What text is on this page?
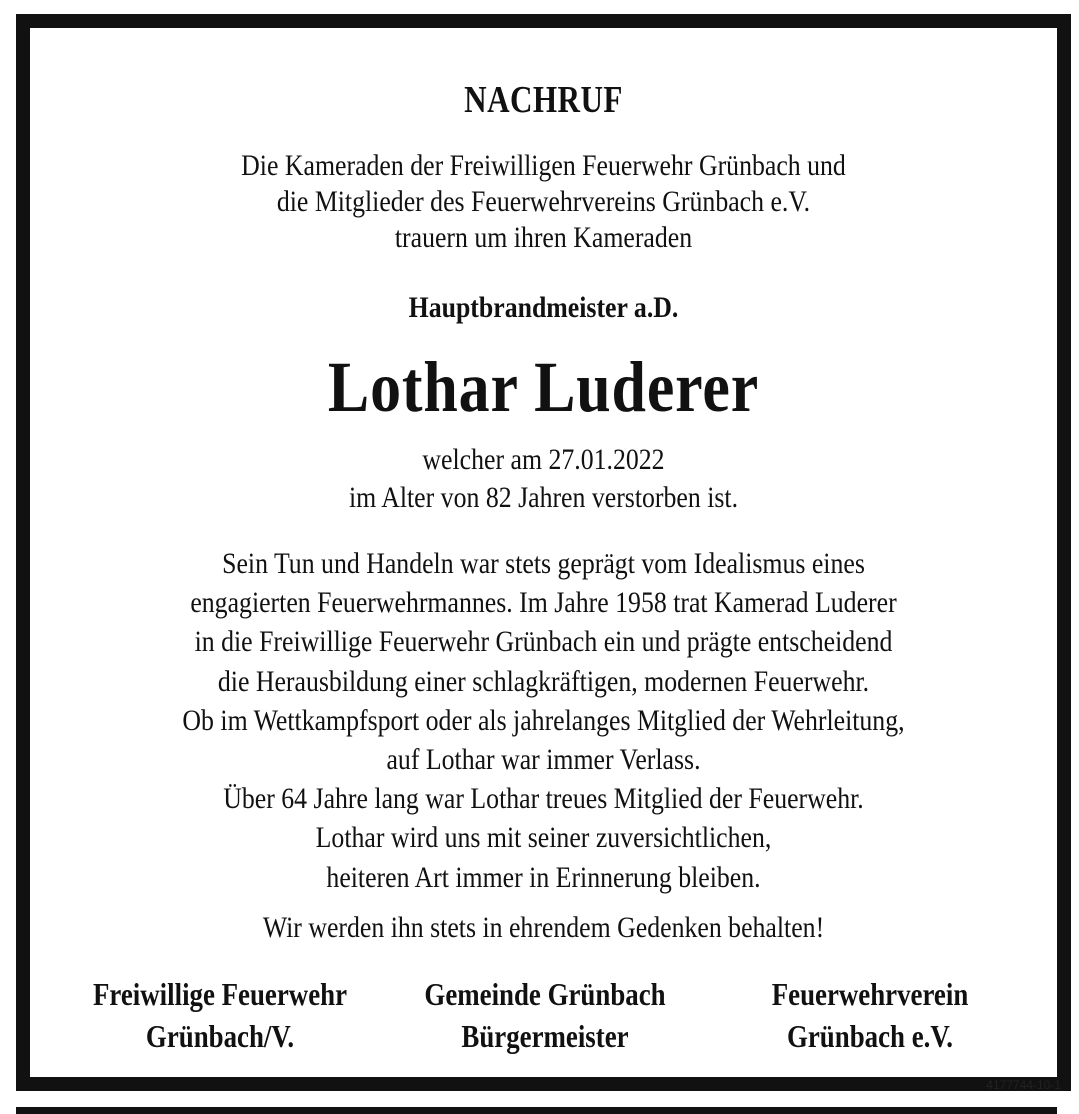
NACHRUF
Die Kameraden der Freiwilligen Feuerwehr Grünbach und
die Mitglieder des Feuerwehrvereins Grünbach e.V.
trauern um ihren Kameraden
Hauptbrandmeister a.D.
Lothar Luderer
welcher am 27.01.2022
im Alter von 82 Jahren verstorben ist.
Sein Tun und Handeln war stets geprägt vom Idealismus eines
engagierten Feuerwehrmannes. Im Jahre 1958 trat Kamerad Luderer
in die Freiwillige Feuerwehr Grünbach ein und prägte entscheidend
die Herausbildung einer schlagkräftigen, modernen Feuerwehr.
Ob im Wettkampfsport oder als jahrelanges Mitglied der Wehrleitung,
auf Lothar war immer Verlass.
Über 64 Jahre lang war Lothar treues Mitglied der Feuerwehr.
Lothar wird uns mit seiner zuversichtlichen,
heiteren Art immer in Erinnerung bleiben.
Wir werden ihn stets in ehrendem Gedenken behalten!
Freiwillige Feuerwehr
Grünbach/V.
Gemeinde Grünbach
Bürgermeister
Feuerwehrverein
Grünbach e.V.
4177744-10-1
